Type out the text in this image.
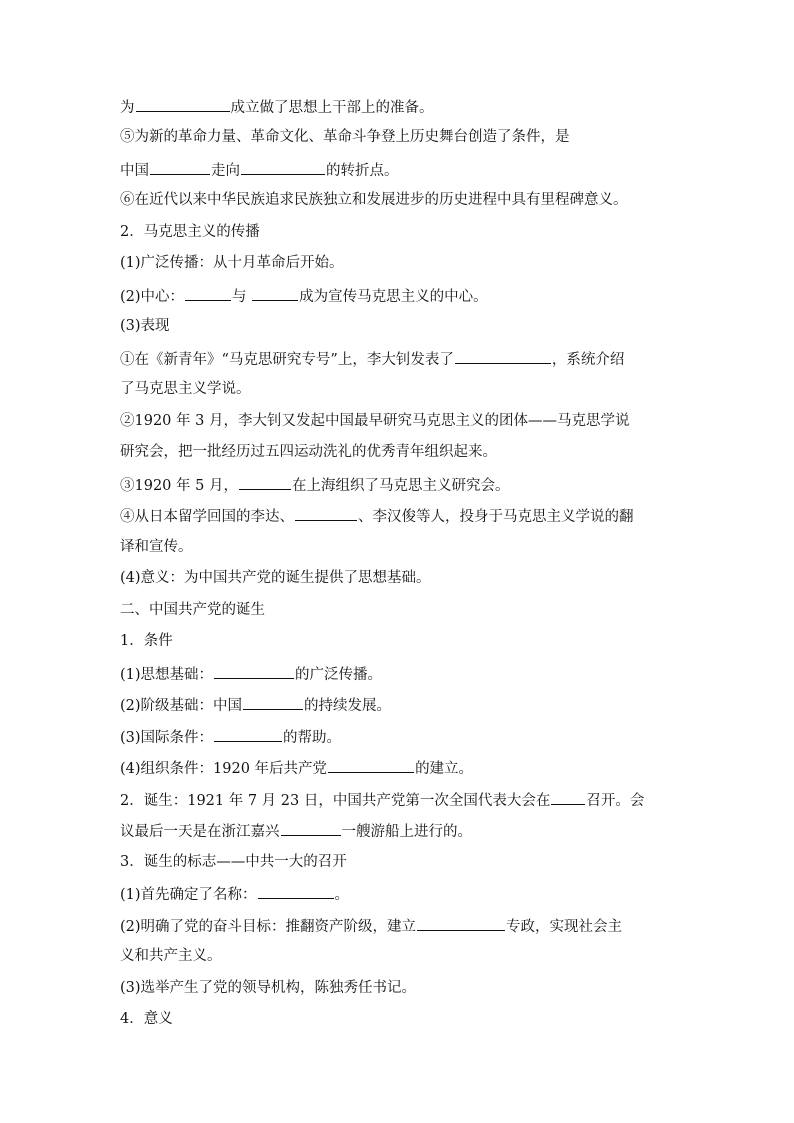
为	成立做了思想上干部上的准备。
⑤为新的革命力量、革命文化、革命斗争登上历史舞台创造了条件，是
中国	走向	的转折点。
⑥在近代以来中华民族追求民族独立和发展进步的历史进程中具有里程碑意义。
2．马克思主义的传播
(1)广泛传播：从十月革命后开始。
(2)中心：	与	成为宣传马克思主义的中心。
(3)表现
①在《新青年》“马克思研究专号”上，李大钊发表了	，系统介绍
了马克思主义学说。
②1920 年 3 月，李大钊又发起中国最早研究马克思主义的团体——马克思学说
研究会，把一批经历过五四运动洗礼的优秀青年组织起来。
③1920 年 5 月，	在上海组织了马克思主义研究会。
④从日本留学回国的李达、	、李汉俊等人，投身于马克思主义学说的翻
译和宣传。
(4)意义：为中国共产党的诞生提供了思想基础。
二、中国共产党的诞生
1．条件
(1)思想基础：	的广泛传播。
(2)阶级基础：中国	的持续发展。
(3)国际条件：	的帮助。
(4)组织条件：1920 年后共产党	的建立。
2．诞生：1921 年 7 月 23 日，中国共产党第一次全国代表大会在 召开。会
议最后一天是在浙江嘉兴	一艘游船上进行的。
3．诞生的标志——中共一大的召开
(1)首先确定了名称：	。
(2)明确了党的奋斗目标：推翻资产阶级，建立	专政，实现社会主
义和共产主义。
(3)选举产生了党的领导机构，陈独秀任书记。
4．意义
